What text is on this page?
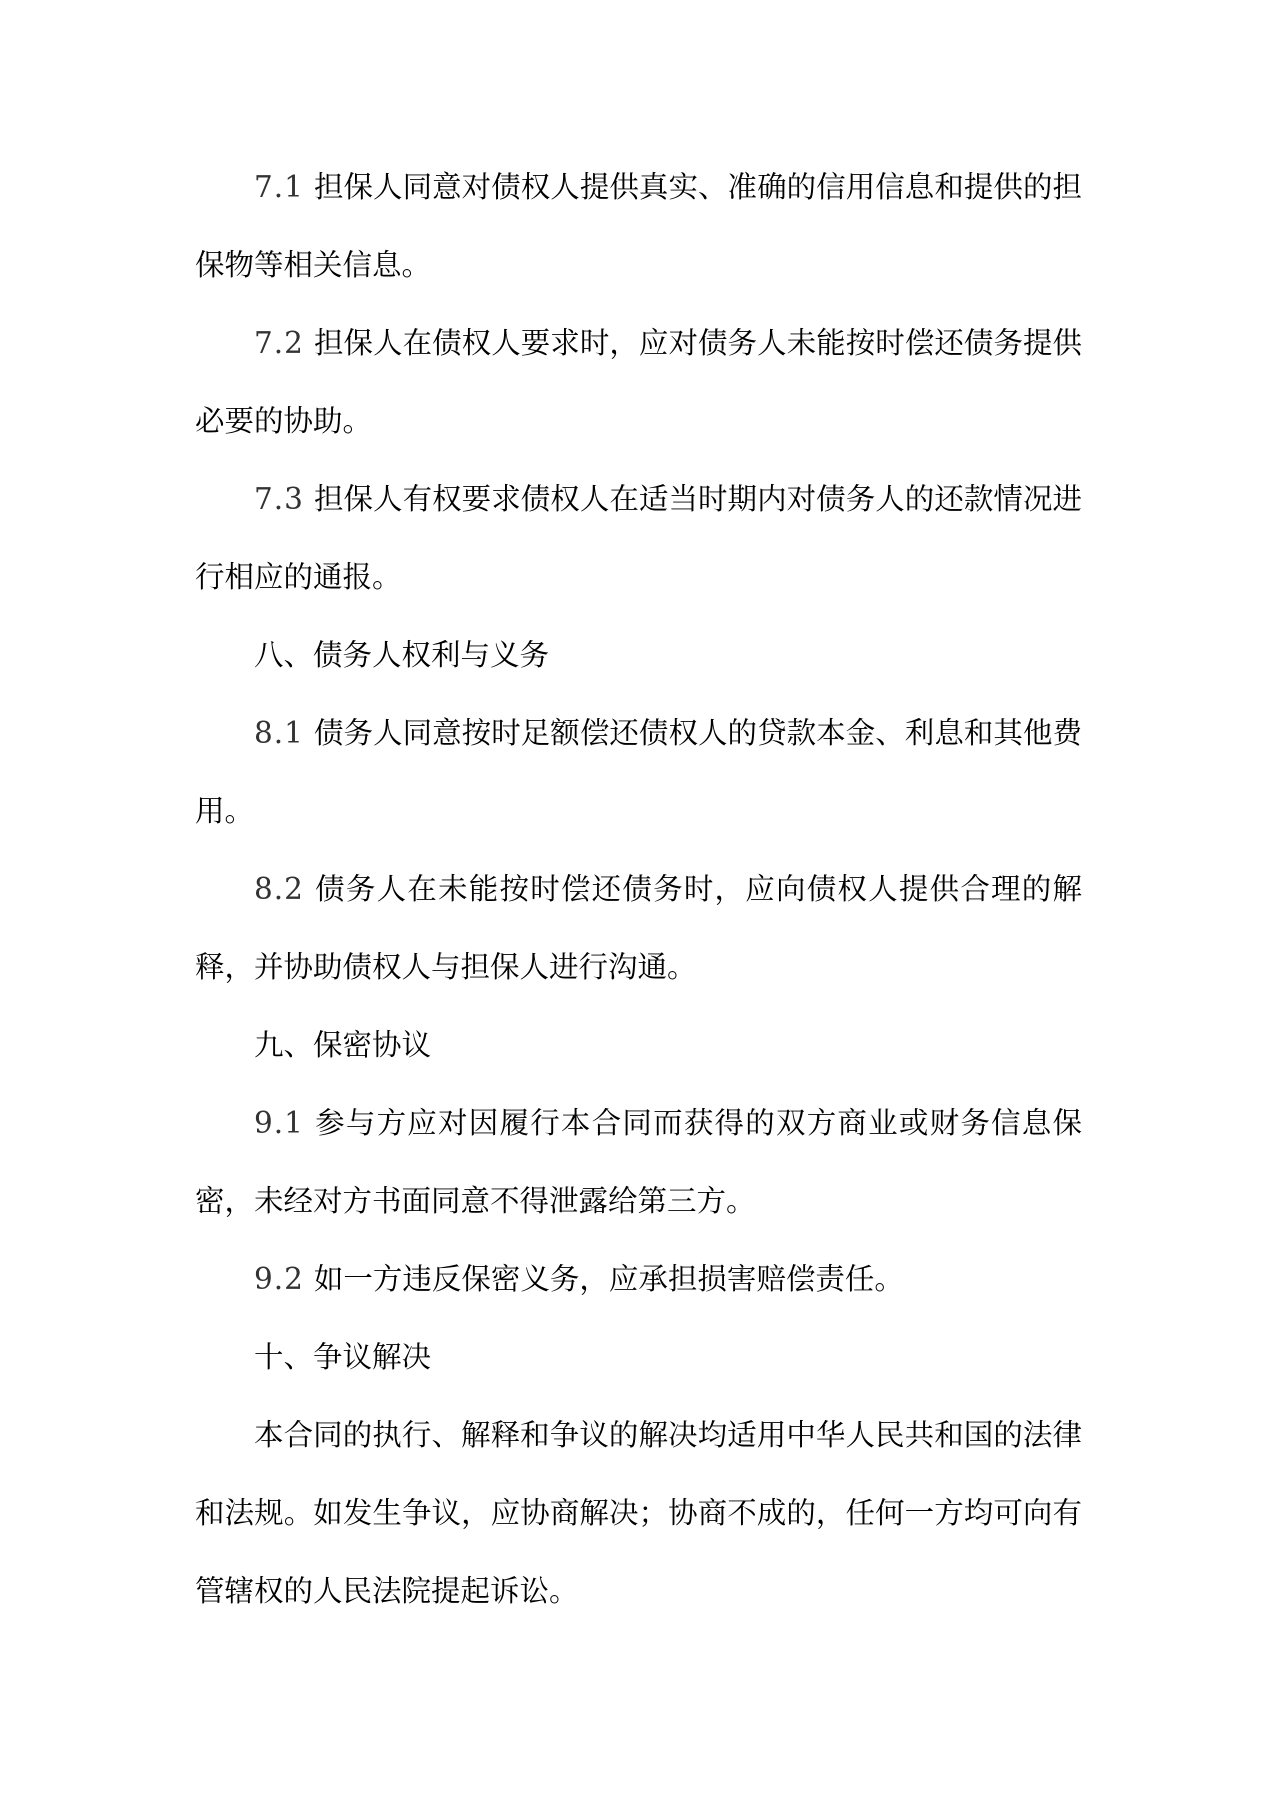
7.1 担保人同意对债权人提供真实、准确的信用信息和提供的担保物等相关信息。

7.2 担保人在债权人要求时，应对债务人未能按时偿还债务提供必要的协助。

7.3 担保人有权要求债权人在适当时期内对债务人的还款情况进行相应的通报。

八、债务人权利与义务

8.1 债务人同意按时足额偿还债权人的贷款本金、利息和其他费用。

8.2 债务人在未能按时偿还债务时，应向债权人提供合理的解释，并协助债权人与担保人进行沟通。

九、保密协议

9.1 参与方应对因履行本合同而获得的双方商业或财务信息保密，未经对方书面同意不得泄露给第三方。

9.2 如一方违反保密义务，应承担损害赔偿责任。

十、争议解决

本合同的执行、解释和争议的解决均适用中华人民共和国的法律和法规。如发生争议，应协商解决；协商不成的，任何一方均可向有管辖权的人民法院提起诉讼。
